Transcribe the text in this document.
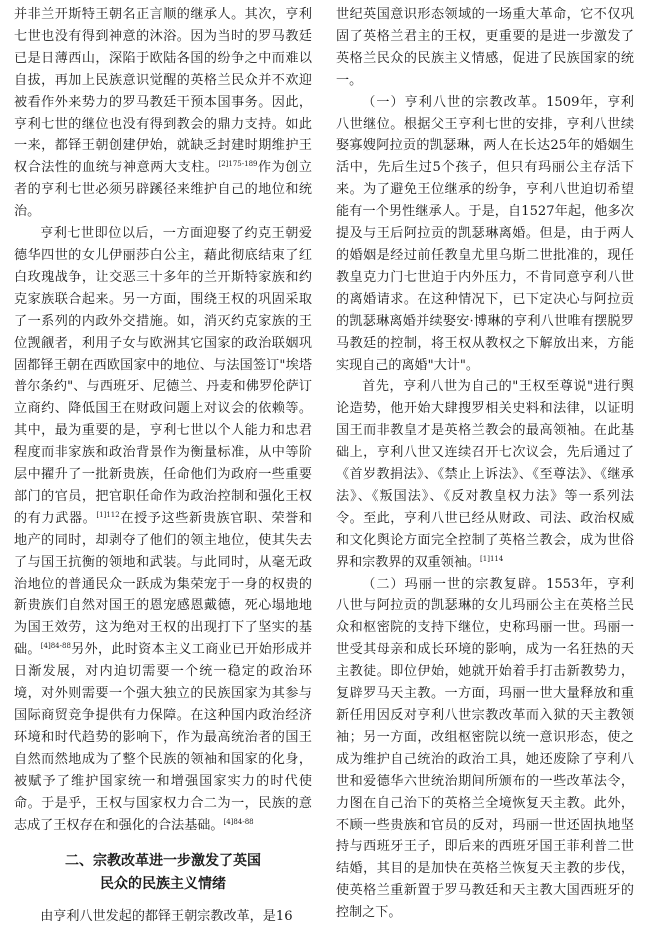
并非兰开斯特王朝名正言顺的继承人。其次，亨利七世也没有得到神意的沐浴。因为当时的罗马教廷已是日薄西山，深陷于欧陆各国的纷争之中而难以自拔，再加上民族意识觉醒的英格兰民众并不欢迎被看作外来势力的罗马教廷干预本国事务。因此，亨利七世的继位也没有得到教会的鼎力支持。如此一来，都铎王朝创建伊始，就缺乏封建时期维护王权合法性的血统与神意两大支柱。$^{[2]175-189}$作为创立者的亨利七世必须另辟蹊径来维护自己的地位和统治。

亨利七世即位以后，一方面迎娶了约克王朝爱德华四世的女儿伊丽莎白公主，藉此彻底结束了红白玫瑰战争，让交恶三十多年的兰开斯特家族和约克家族联合起来。另一方面，围绕王权的巩固采取了一系列的内政外交措施。如，消灭约克家族的王位觊觎者，利用子女与欧洲其它国家的政治联姻巩固都铎王朝在西欧国家中的地位、与法国签订"埃塔普尔条约"、与西班牙、尼德兰、丹麦和佛罗伦萨订立商约、降低国王在财政问题上对议会的依赖等。其中，最为重要的是，亨利七世以个人能力和忠君程度而非家族和政治背景作为衡量标准，从中等阶层中擢升了一批新贵族，任命他们为政府一些重要部门的官员，把官职任命作为政治控制和强化王权的有力武器。$^{[1]112}$在授予这些新贵族官职、荣誉和地产的同时，却剥夺了他们的领主地位，使其失去了与国王抗衡的领地和武装。与此同时，从毫无政治地位的普通民众一跃成为集荣宠于一身的权贵的新贵族们自然对国王的恩宠感恩戴德，死心塌地地为国王效劳，这为绝对王权的出现打下了坚实的基础。$^{[4]84-88}$另外，此时资本主义工商业已开始形成并日渐发展，对内迫切需要一个统一稳定的政治环境，对外则需要一个强大独立的民族国家为其参与国际商贸竞争提供有力保障。在这种国内政治经济环境和时代趋势的影响下，作为最高统治者的国王自然而然地成为了整个民族的领袖和国家的化身，被赋予了维护国家统一和增强国家实力的时代使命。于是乎，王权与国家权力合二为一，民族的意志成了王权存在和强化的合法基础。$^{[4]84-88}$

二、宗教改革进一步激发了英国
民众的民族主义情绪

由亨利八世发起的都铎王朝宗教改革，是16

世纪英国意识形态领域的一场重大革命，它不仅巩固了英格兰君主的王权，更重要的是进一步激发了英格兰民众的民族主义情感，促进了民族国家的统一。

（一）亨利八世的宗教改革。1509年，亨利八世继位。根据父王亨利七世的安排，亨利八世续娶寡嫂阿拉贡的凯瑟琳，两人在长达25年的婚姻生活中，先后生过5个孩子，但只有玛丽公主存活下来。为了避免王位继承的纷争，亨利八世迫切希望能有一个男性继承人。于是，自1527年起，他多次提及与王后阿拉贡的凯瑟琳离婚。但是，由于两人的婚姻是经过前任教皇尤里乌斯二世批准的，现任教皇克力门七世迫于内外压力，不肯同意亨利八世的离婚请求。在这种情况下，已下定决心与阿拉贡的凯瑟琳离婚并续娶安·博琳的亨利八世唯有摆脱罗马教廷的控制，将王权从教权之下解放出来，方能实现自己的离婚"大计"。

首先，亨利八世为自己的"王权至尊说"进行舆论造势，他开始大肆搜罗相关史料和法律，以证明国王而非教皇才是英格兰教会的最高领袖。在此基础上，亨利八世又连续召开七次议会，先后通过了《首岁教捐法》、《禁止上诉法》、《至尊法》、《继承法》、《叛国法》、《反对教皇权力法》等一系列法令。至此，亨利八世已经从财政、司法、政治权威和文化舆论方面完全控制了英格兰教会，成为世俗界和宗教界的双重领袖。$^{[1]114}$

（二）玛丽一世的宗教复辟。1553年，亨利八世与阿拉贡的凯瑟琳的女儿玛丽公主在英格兰民众和枢密院的支持下继位，史称玛丽一世。玛丽一世受其母亲和成长环境的影响，成为一名狂热的天主教徒。即位伊始，她就开始着手打击新教势力，复辟罗马天主教。一方面，玛丽一世大量释放和重新任用因反对亨利八世宗教改革而入狱的天主教领袖；另一方面，改组枢密院以统一意识形态，使之成为维护自己统治的政治工具，她还废除了亨利八世和爱德华六世统治期间所颁布的一些改革法令，力图在自己治下的英格兰全境恢复天主教。此外，不顾一些贵族和官员的反对，玛丽一世还固执地坚持与西班牙王子，即后来的西班牙国王菲利普二世结婚，其目的是加快在英格兰恢复天主教的步伐，使英格兰重新置于罗马教廷和天主教大国西班牙的控制之下。
